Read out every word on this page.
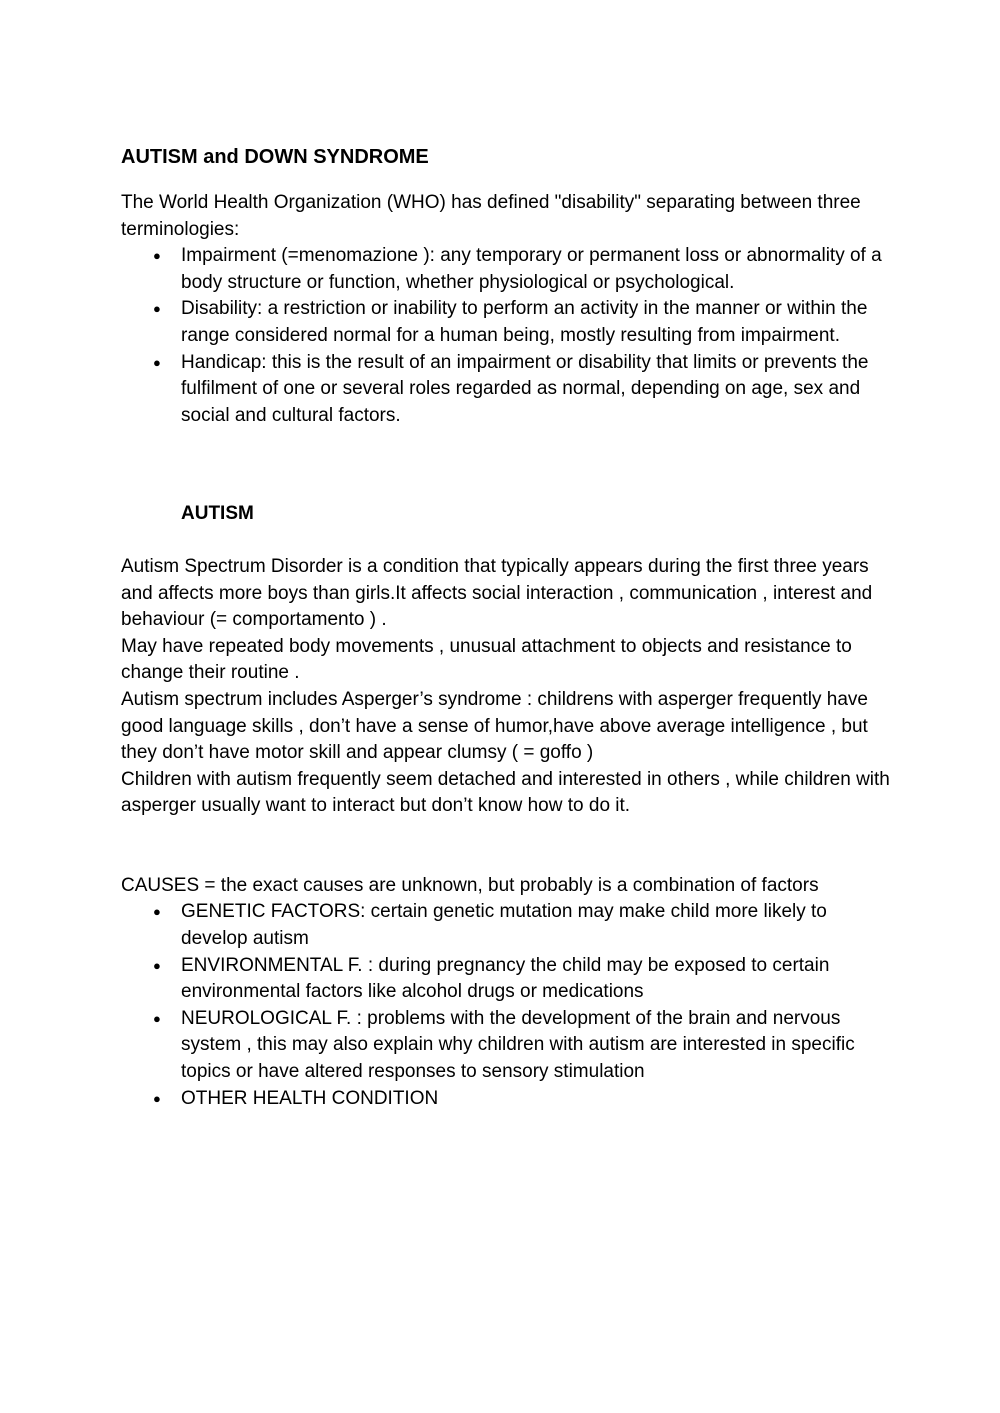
AUTISM and DOWN SYNDROME

The World Health Organization (WHO) has defined "disability" separating between three terminologies:

● Impairment (=menomazione ): any temporary or permanent loss or abnormality of a body structure or function, whether physiological or psychological.
● Disability: a restriction or inability to perform an activity in the manner or within the range considered normal for a human being, mostly resulting from impairment.
● Handicap: this is the result of an impairment or disability that limits or prevents the fulfilment of one or several roles regarded as normal, depending on age, sex and social and cultural factors.
AUTISM

Autism Spectrum Disorder is a condition that typically appears during the first three years and affects more boys than girls.It affects social interaction , communication , interest and behaviour (= comportamento ) .

May have repeated body movements , unusual attachment to objects and resistance to change their routine .

Autism spectrum includes Asperger’s syndrome : childrens with asperger frequently have good language skills , don’t have a sense of humor,have above average intelligence , but they don’t have motor skill and appear clumsy ( = goffo )

Children with autism frequently seem detached and interested in others , while children with asperger usually want to interact but don’t know how to do it.

CAUSES = the exact causes are unknown, but probably is a combination of factors

● GENETIC FACTORS: certain genetic mutation may make child more likely to develop autism
● ENVIRONMENTAL F. : during pregnancy the child may be exposed to certain environmental factors like alcohol drugs or medications
● NEUROLOGICAL F. : problems with the development of the brain and nervous system , this may also explain why children with autism are interested in specific topics or have altered responses to sensory stimulation
● OTHER HEALTH CONDITION
